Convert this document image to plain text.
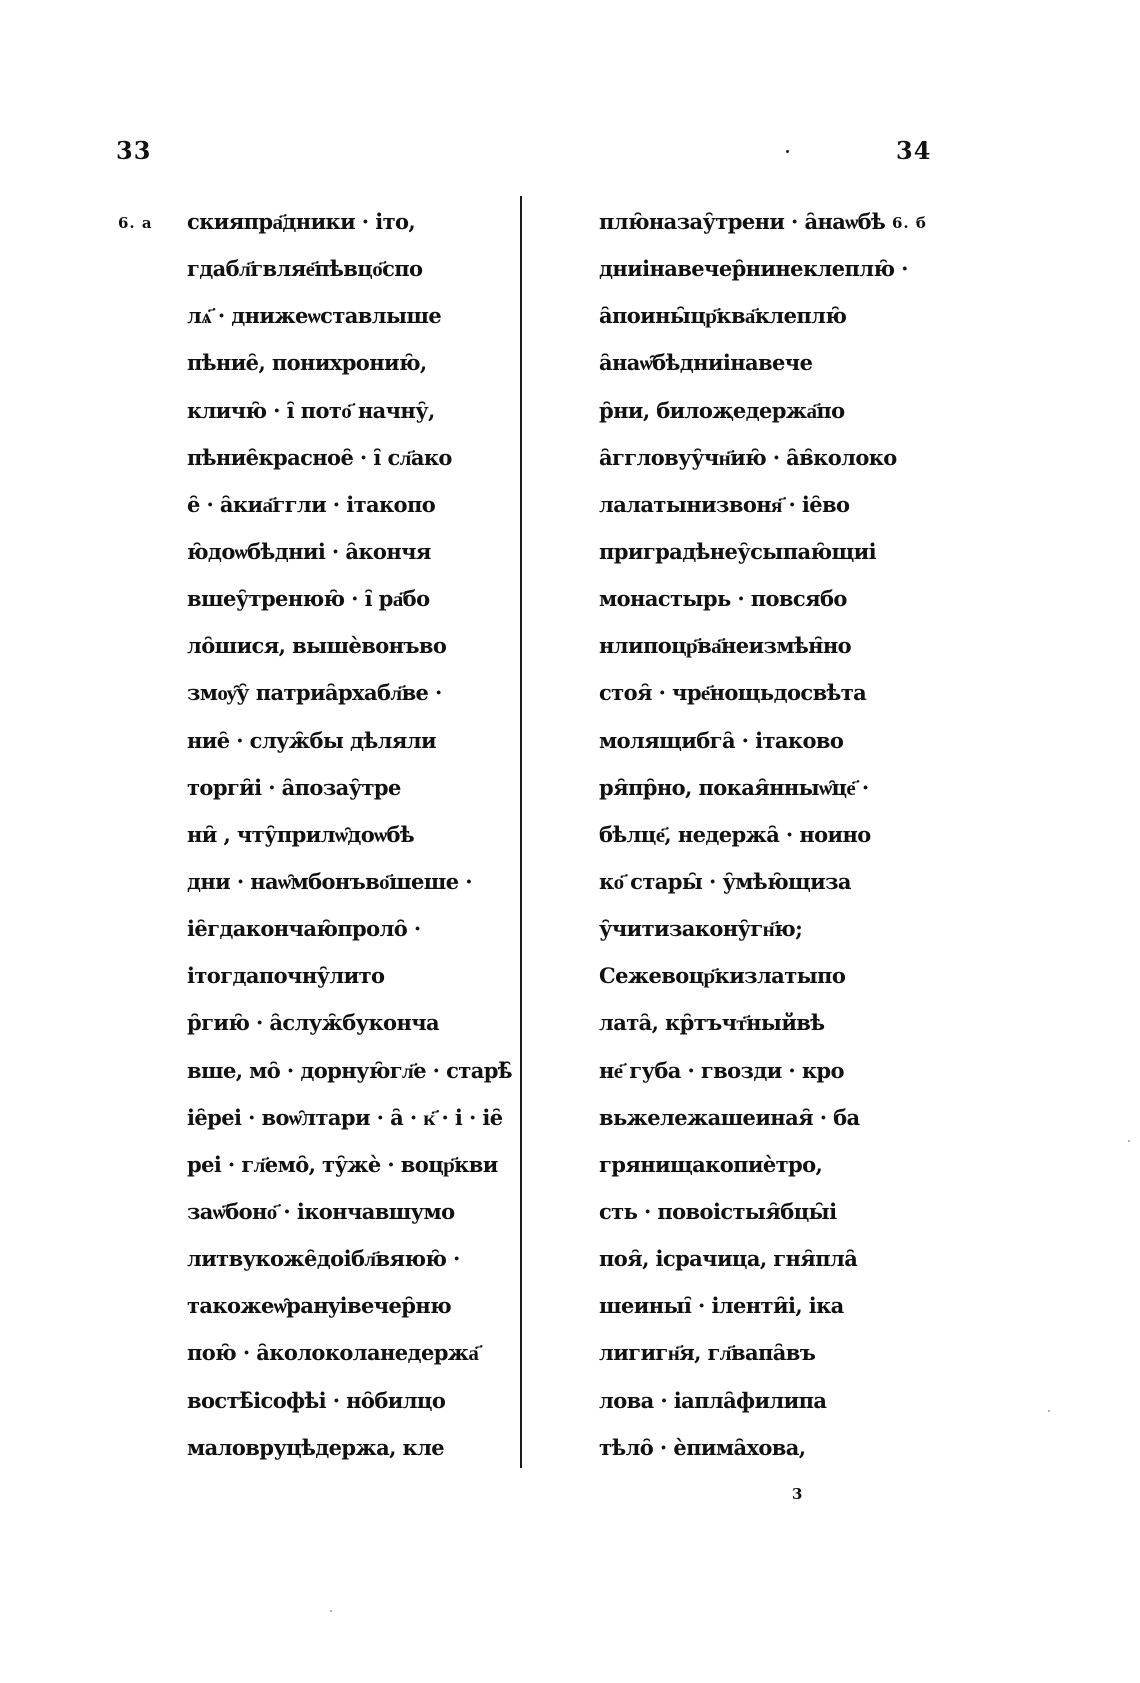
33	34
6. а	6. б
скияпра҃дники · ітo,
гдабл҃гвляе҃пѣвцо҃спо
лѧ҃ · днижеѡставлыше
пѣние̑, понихронию̑,
кличю̑ · і̑ пото҃ начну̑,
пѣние̑красное̑ · і̑ сл҃ако
е̑ · а̑киа҃ггли · ітакопо
ю̑доѡбѣдниі · а̑кончя
вшеу̑тренюю̑ · і̑ ра҃бо
ло̑шися, вышѐвонъво
змѹ̑у̑ патриа̑рхабл҃ве ·
ние̑ · служ̑бы дѣляли
торги̑і · а̑позау̑тре
ни̑ , чту̑прилѡ̑доѡбѣ
дни · наѡ̑мбонъво҃шеше ·
іе̑гдакончаю̑проло̑ ·
ітогдапочну̑лито
р̑гию̑ · а̑служ̑букoнча
вше, мо̑ · дорную̑гл҃е · старѣ̑
іе̑реі · воѡ̑лтари · а̑ · к҃ · і · іе̑
реі · гл҃емо̑, ту̑жѐ · воцр҃кви
заѡ҃боно҃ · ікончавшумо
литвукоже̑доібл҃вяюю̑ ·
такожеѡ̑ранyівечер̑ню
пою̑ · а̑колоколанедержа҃
востѣ̑ісофѣі · но̑билцо
маловруцѣдержа, кле
плю̑назау̑трени · а̑наѡбѣ
дниінавечер̑нинеклеплю̑ ·
а̑поины̑цр҃ква҃клеплю̑
а̑наѡ̑бѣдниінавече
р̑ни, билоҗедержа҃по
а̑ггловуу̑чн҃ию̑ · а̑в̑колоко
лалатынизвоня҃ · іе̑во
приградѣнеу̑сыпаю̑щиі
монастырь · повсябо
нлипоцр҃ва҃неизмѣн̑но
стоя̑ · чре҃нощьдосвѣта
молящибга̑ · ітаковo
ря̑пр̑но, покая̑нныѡ̑це҃ ·
бѣлце҃, недержа̑ · ноино
ко҃ стары̑ · у̑мѣю̑щиза
у̑читизакону̑гн҃ю;
Сежевоцр҃кизлатыпо
лата̑, кр̑тъчт҃ныйвѣ
не҃ губа · гвозди · кро
вьжележашеиная̑ · ба
грянищакопиѐтро,
сть · повоістыя̑бцы̑і
поя̑, ісрачица, гня̑пла̑
шеиныі̑ · іленти̑і, іка
лигигн҃я, гл҃вапа̑въ
лова · іапла̑филипа
тѣло̑ · ѐпима̑хова,
3
